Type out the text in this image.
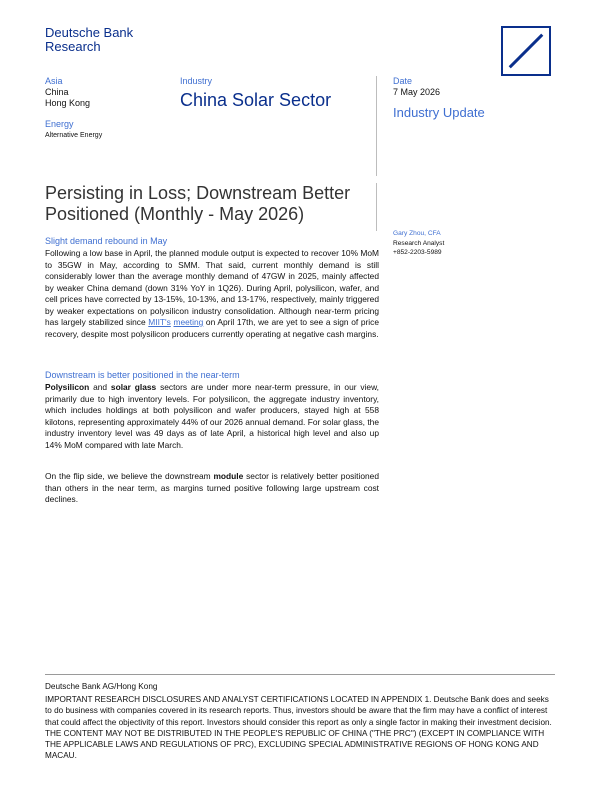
Deutsche Bank
Research
Asia
China
Hong Kong
Energy
Alternative Energy
Industry
China Solar Sector
Date
7 May 2026
Industry Update
Persisting in Loss; Downstream Better
Positioned (Monthly - May 2026)
Gary Zhou, CFA
Research Analyst
+852-2203-5989
Slight demand rebound in May
Following a low base in April, the planned module output is expected to recover 10% MoM to 35GW in May, according to SMM. That said, current monthly demand is still considerably lower than the average monthly demand of 47GW in 2025, mainly affected by weaker China demand (down 31% YoY in 1Q26). During April, polysilicon, wafer, and cell prices have corrected by 13-15%, 10-13%, and 13-17%, respectively, mainly triggered by weaker expectations on polysilicon industry consolidation. Although near-term pricing has largely stabilized since MIIT's meeting on April 17th, we are yet to see a sign of price recovery, despite most polysilicon producers currently operating at negative cash margins.
Downstream is better positioned in the near-term
Polysilicon and solar glass sectors are under more near-term pressure, in our view, primarily due to high inventory levels. For polysilicon, the aggregate industry inventory, which includes holdings at both polysilicon and wafer producers, stayed high at 558 kilotons, representing approximately 44% of our 2026 annual demand. For solar glass, the industry inventory level was 49 days as of late April, a historical high level and also up 14% MoM compared with late March.
On the flip side, we believe the downstream module sector is relatively better positioned than others in the near term, as margins turned positive following large upstream cost declines.
Deutsche Bank AG/Hong Kong
IMPORTANT RESEARCH DISCLOSURES AND ANALYST CERTIFICATIONS LOCATED IN APPENDIX 1. Deutsche Bank does and seeks to do business with companies covered in its research reports. Thus, investors should be aware that the firm may have a conflict of interest that could affect the objectivity of this report. Investors should consider this report as only a single factor in making their investment decision. THE CONTENT MAY NOT BE DISTRIBUTED IN THE PEOPLE'S REPUBLIC OF CHINA ("THE PRC") (EXCEPT IN COMPLIANCE WITH THE APPLICABLE LAWS AND REGULATIONS OF PRC), EXCLUDING SPECIAL ADMINISTRATIVE REGIONS OF HONG KONG AND MACAU.
